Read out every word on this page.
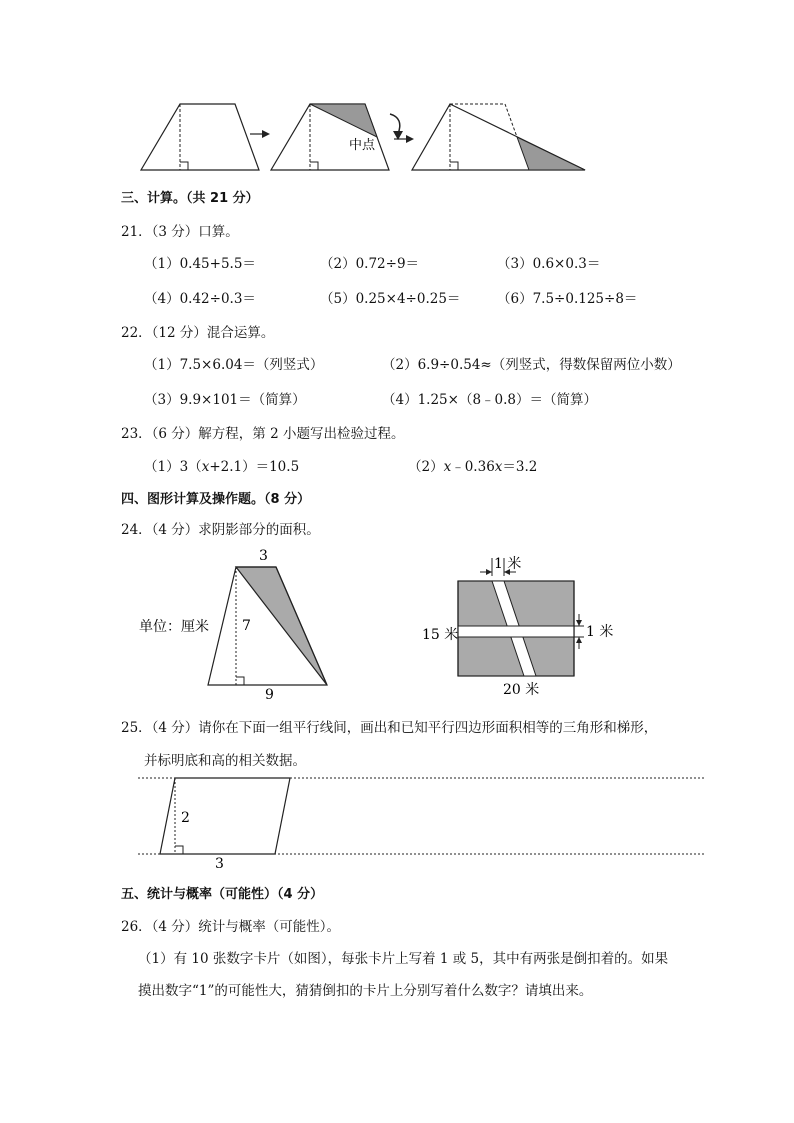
中点
三、计算。（共 21 分）
21．（3 分）口算。
（1）0.45+5.5＝	（2）0.72÷9＝	（3）0.6×0.3＝
（4）0.42÷0.3＝	（5）0.25×4÷0.25＝	（6）7.5÷0.125÷8＝
22．（12 分）混合运算。
（1）7.5×6.04＝（列竖式）	（2）6.9÷0.54≈（列竖式，得数保留两位小数）
（3）9.9×101＝（简算）	（4）1.25×（8﹣0.8）＝（简算）
23．（6 分）解方程，第 2 小题写出检验过程。
（1）3（x+2.1）＝10.5	（2）x﹣0.36x＝3.2
四、图形计算及操作题。（8 分）
24．（4 分）求阴影部分的面积。
3
7
9
单位：厘米
1 米
1 米
15 米
20 米
25．（4 分）请你在下面一组平行线间，画出和已知平行四边形面积相等的三角形和梯形，
并标明底和高的相关数据。
2
3
五、统计与概率（可能性）（4 分）
26．（4 分）统计与概率（可能性）。
（1）有 10 张数字卡片（如图），每张卡片上写着 1 或 5，其中有两张是倒扣着的。如果
摸出数字“1”的可能性大，猜猜倒扣的卡片上分别写着什么数字？请填出来。
